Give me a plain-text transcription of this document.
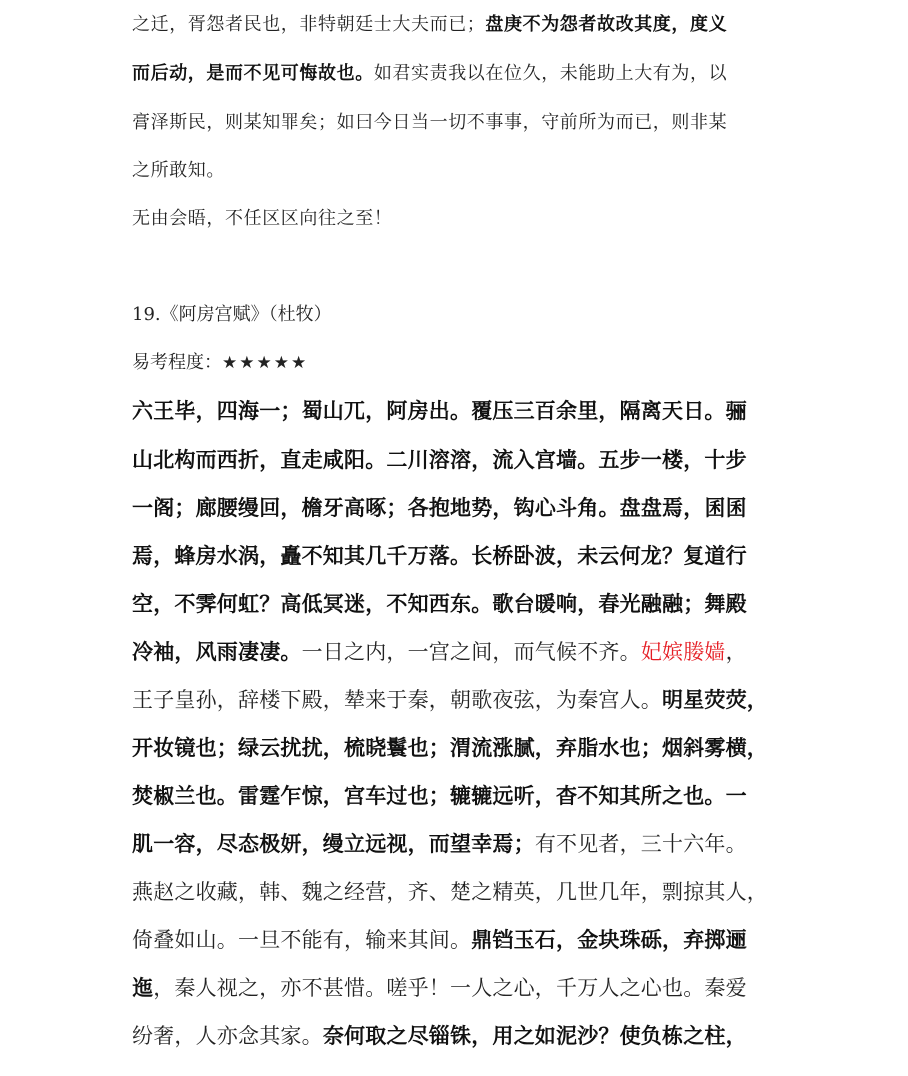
之迁，胥怨者民也，非特朝廷士大夫而已；盘庚不为怨者故改其度，度义

而后动，是而不见可悔故也。如君实责我以在位久，未能助上大有为，以

膏泽斯民，则某知罪矣；如曰今日当一切不事事，守前所为而已，则非某

之所敢知。

无由会晤，不任区区向往之至！

19.《阿房宫赋》（杜牧）

易考程度：★★★★★

六王毕，四海一；蜀山兀，阿房出。覆压三百余里，隔离天日。骊

山北构而西折，直走咸阳。二川溶溶，流入宫墙。五步一楼，十步

一阁；廊腰缦回，檐牙高啄；各抱地势，钩心斗角。盘盘焉，囷囷

焉，蜂房水涡，矗不知其几千万落。长桥卧波，未云何龙？复道行

空，不霁何虹？高低冥迷，不知西东。歌台暖响，春光融融；舞殿

冷袖，风雨凄凄。一日之内，一宫之间，而气候不齐。妃嫔媵嫱，

王子皇孙，辞楼下殿，辇来于秦，朝歌夜弦，为秦宫人。明星荧荧，

开妆镜也；绿云扰扰，梳晓鬟也；渭流涨腻，弃脂水也；烟斜雾横，

焚椒兰也。雷霆乍惊，宫车过也；辘辘远听，杳不知其所之也。一

肌一容，尽态极妍，缦立远视，而望幸焉；有不见者，三十六年。

燕赵之收藏，韩、魏之经营，齐、楚之精英，几世几年，剽掠其人，

倚叠如山。一旦不能有，输来其间。鼎铛玉石，金块珠砾，弃掷逦

迤，秦人视之，亦不甚惜。嗟乎！一人之心，千万人之心也。秦爱

纷奢，人亦念其家。奈何取之尽锱铢，用之如泥沙？使负栋之柱，
